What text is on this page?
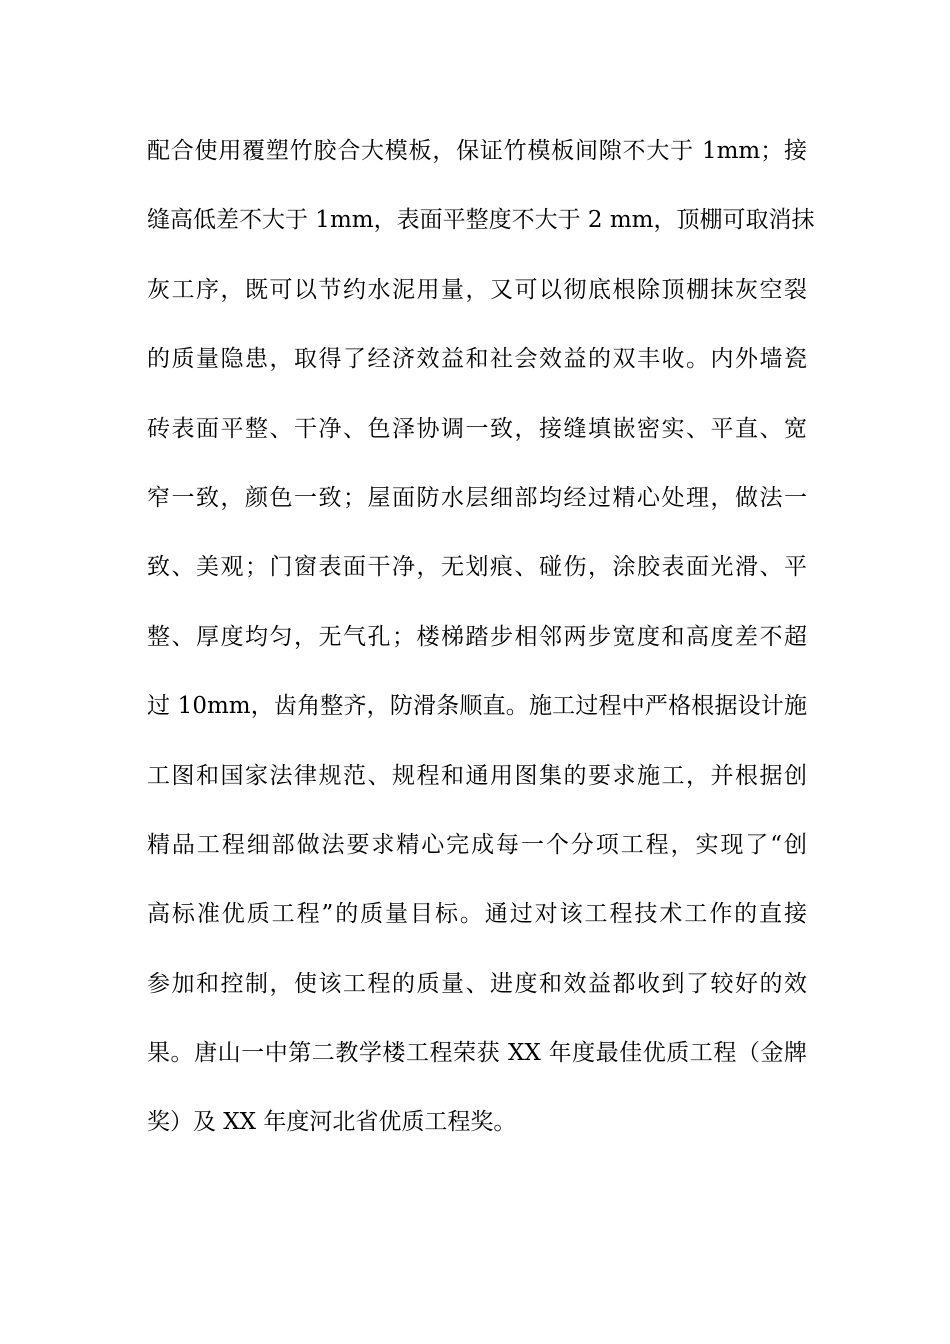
配合使用覆塑竹胶合大模板，保证竹模板间隙不大于 1mm；接
缝高低差不大于 1mm，表面平整度不大于 2 mm，顶棚可取消抹
灰工序，既可以节约水泥用量，又可以彻底根除顶棚抹灰空裂
的质量隐患，取得了经济效益和社会效益的双丰收。内外墙瓷
砖表面平整、干净、色泽协调一致，接缝填嵌密实、平直、宽
窄一致，颜色一致；屋面防水层细部均经过精心处理，做法一
致、美观；门窗表面干净，无划痕、碰伤，涂胶表面光滑、平
整、厚度均匀，无气孔；楼梯踏步相邻两步宽度和高度差不超
过 10mm，齿角整齐，防滑条顺直。施工过程中严格根据设计施
工图和国家法律规范、规程和通用图集的要求施工，并根据创
精品工程细部做法要求精心完成每一个分项工程，实现了“创
高标准优质工程”的质量目标。通过对该工程技术工作的直接
参加和控制，使该工程的质量、进度和效益都收到了较好的效
果。唐山一中第二教学楼工程荣获 XX 年度最佳优质工程（金牌
奖）及 XX 年度河北省优质工程奖。
